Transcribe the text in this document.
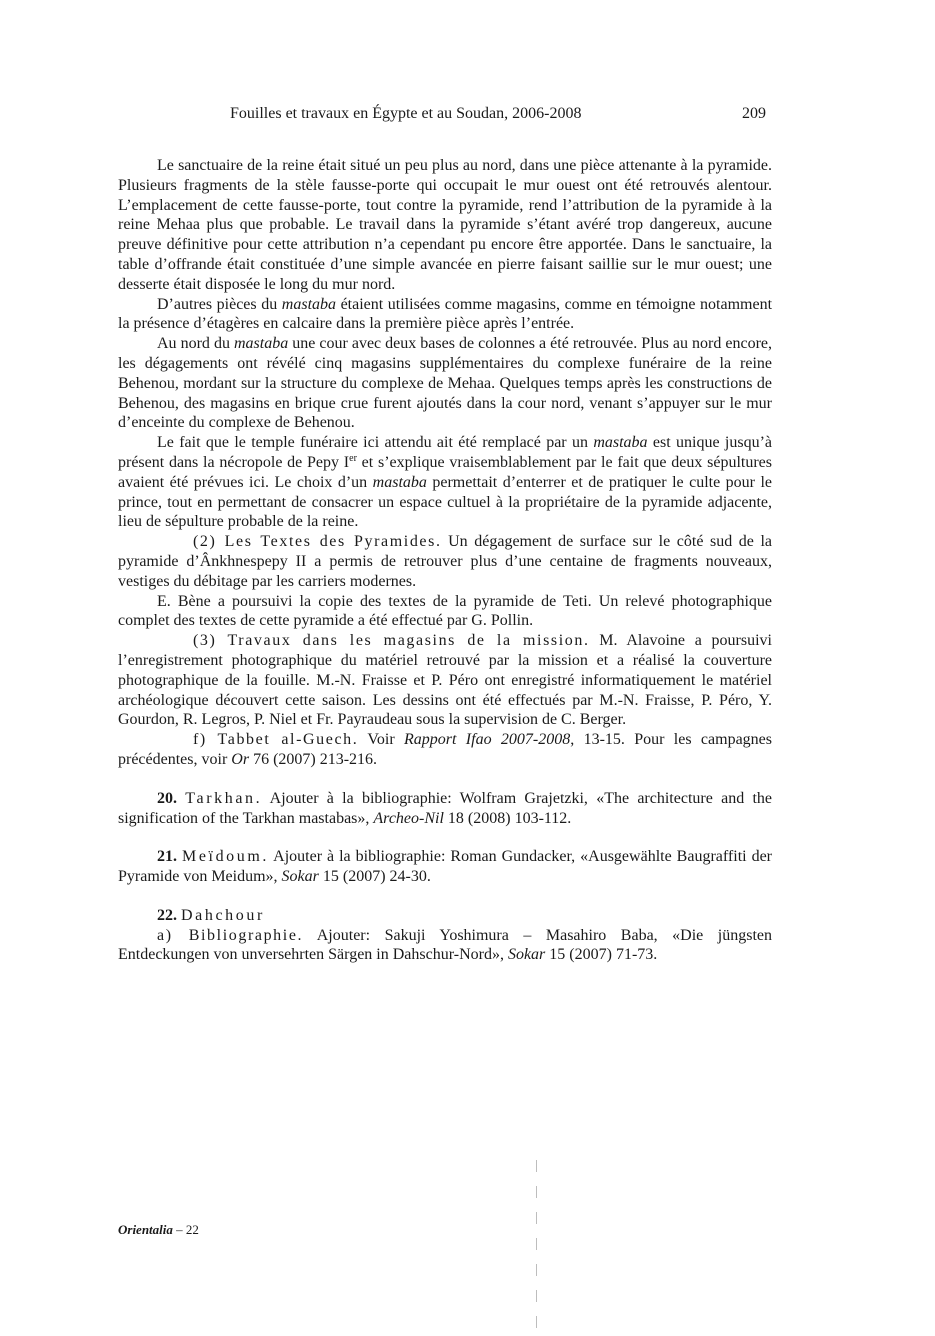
Fouilles et travaux en Égypte et au Soudan, 2006-2008	209

Le sanctuaire de la reine était situé un peu plus au nord, dans une pièce attenante à la pyramide. Plusieurs fragments de la stèle fausse-porte qui occupait le mur ouest ont été retrouvés alentour. L’emplacement de cette fausse-porte, tout contre la pyramide, rend l’attribution de la pyramide à la reine Mehaa plus que probable. Le travail dans la pyramide s’étant avéré trop dangereux, aucune preuve définitive pour cette attribution n’a cependant pu encore être apportée. Dans le sanctuaire, la table d’offrande était constituée d’une simple avancée en pierre faisant saillie sur le mur ouest; une desserte était disposée le long du mur nord.

D’autres pièces du mastaba étaient utilisées comme magasins, comme en témoigne notamment la présence d’étagères en calcaire dans la première pièce après l’entrée.

Au nord du mastaba une cour avec deux bases de colonnes a été retrouvée. Plus au nord encore, les dégagements ont révélé cinq magasins supplémentaires du complexe funéraire de la reine Behenou, mordant sur la structure du complexe de Mehaa. Quelques temps après les constructions de Behenou, des magasins en brique crue furent ajoutés dans la cour nord, venant s’appuyer sur le mur d’enceinte du complexe de Behenou.

Le fait que le temple funéraire ici attendu ait été remplacé par un mastaba est unique jusqu’à présent dans la nécropole de Pepy Ier et s’explique vraisemblablement par le fait que deux sépultures avaient été prévues ici. Le choix d’un mastaba permettait d’enterrer et de pratiquer le culte pour le prince, tout en permettant de consacrer un espace cultuel à la propriétaire de la pyramide adjacente, lieu de sépulture probable de la reine.

(2) Les Textes des Pyramides. Un dégagement de surface sur le côté sud de la pyramide d’Ânkhnespepy II a permis de retrouver plus d’une centaine de fragments nouveaux, vestiges du débitage par les carriers modernes.

E. Bène a poursuivi la copie des textes de la pyramide de Teti. Un relevé photographique complet des textes de cette pyramide a été effectué par G. Pollin.

(3) Travaux dans les magasins de la mission. M. Alavoine a poursuivi l’enregistrement photographique du matériel retrouvé par la mission et a réalisé la couverture photographique de la fouille. M.-N. Fraisse et P. Péro ont enregistré informatiquement le matériel archéologique découvert cette saison. Les dessins ont été effectués par M.-N. Fraisse, P. Péro, Y. Gourdon, R. Legros, P. Niel et Fr. Payraudeau sous la supervision de C. Berger.

f) Tabbet al-Guech. Voir Rapport Ifao 2007-2008, 13-15. Pour les campagnes précédentes, voir Or 76 (2007) 213-216.

20. Tarkhan. Ajouter à la bibliographie: Wolfram Grajetzki, «The architecture and the signification of the Tarkhan mastabas», Archeo-Nil 18 (2008) 103-112.

21. Meïdoum. Ajouter à la bibliographie: Roman Gundacker, «Ausgewählte Baugraffiti der Pyramide von Meidum», Sokar 15 (2007) 24-30.

22. Dahchour

a) Bibliographie. Ajouter: Sakuji Yoshimura – Masahiro Baba, «Die jüngsten Entdeckungen von unversehrten Särgen in Dahschur-Nord», Sokar 15 (2007) 71-73.

Orientalia – 22
